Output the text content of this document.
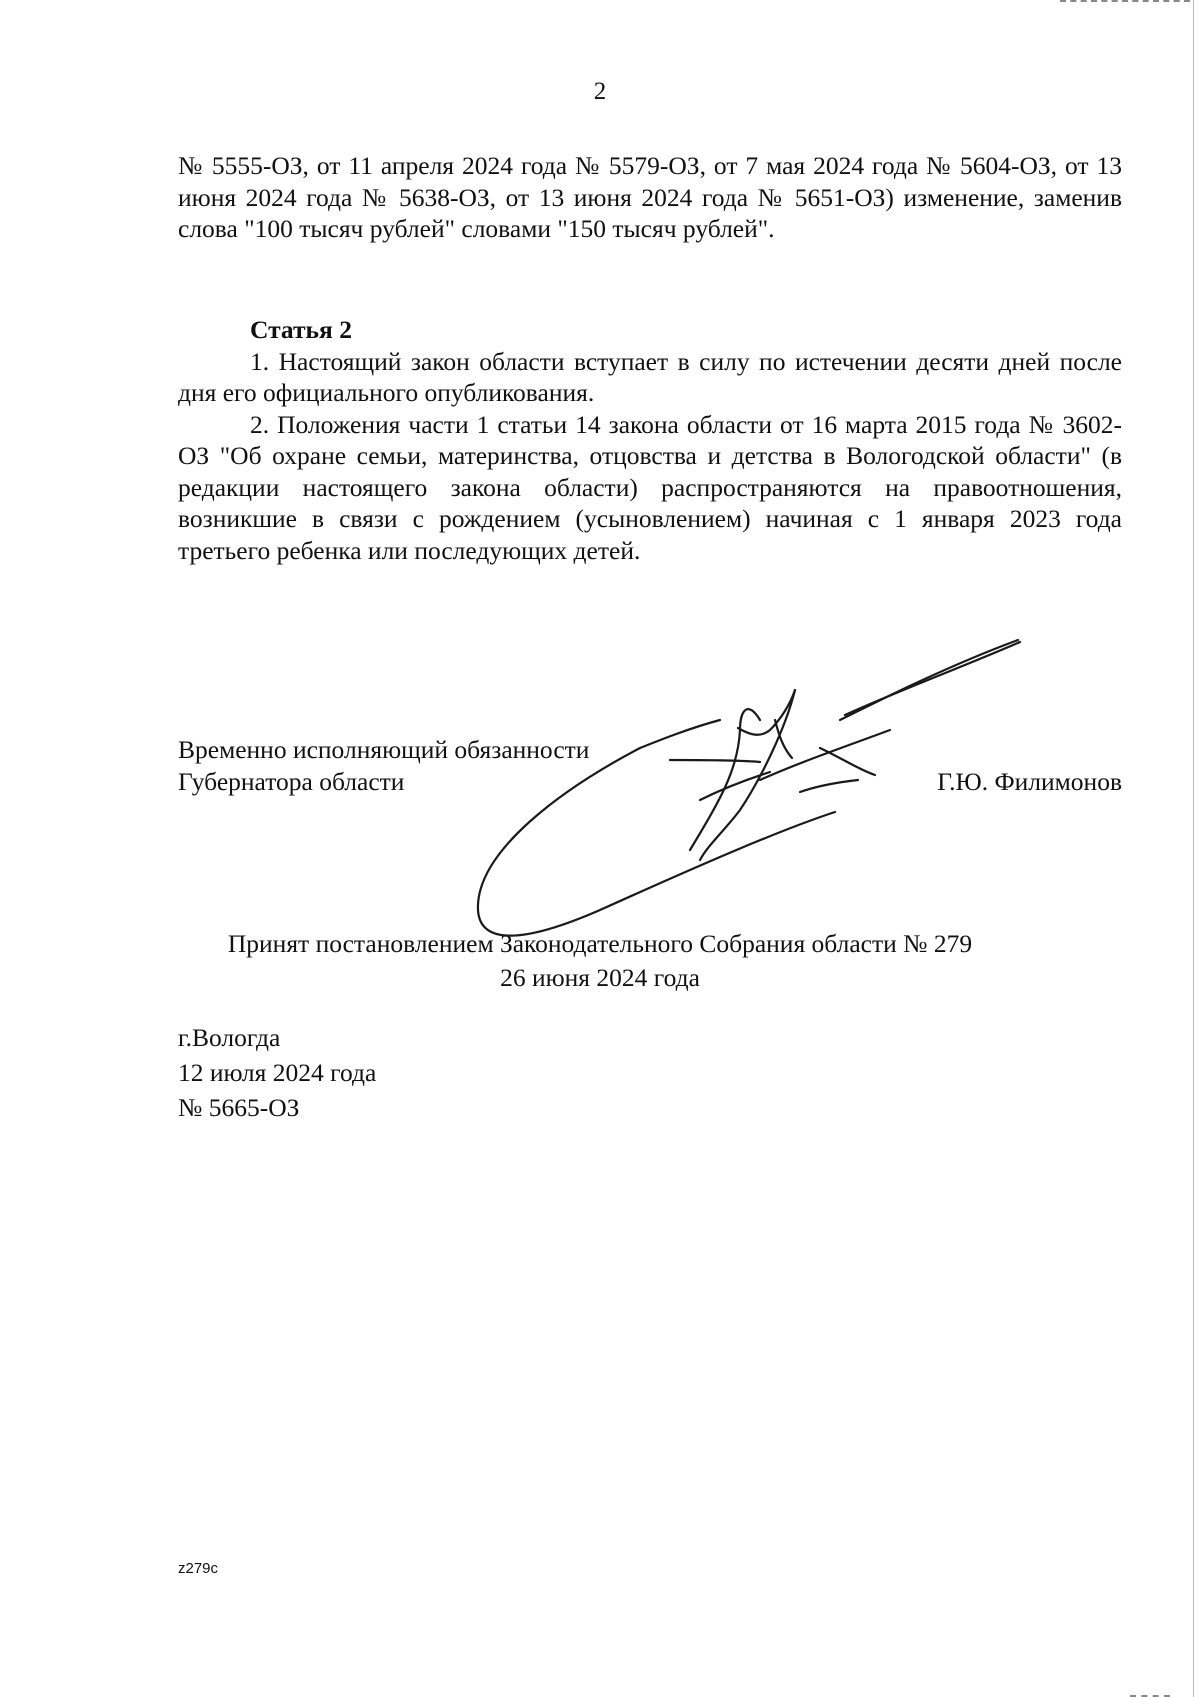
2

№ 5555-ОЗ, от 11 апреля 2024 года № 5579-ОЗ, от 7 мая 2024 года № 5604-ОЗ, от 13 июня 2024 года № 5638-ОЗ, от 13 июня 2024 года № 5651-ОЗ) изменение, заменив слова "100 тысяч рублей" словами "150 тысяч рублей".

Статья 2

1. Настоящий закон области вступает в силу по истечении десяти дней после дня его официального опубликования.

2. Положения части 1 статьи 14 закона области от 16 марта 2015 года № 3602-ОЗ "Об охране семьи, материнства, отцовства и детства в Вологодской области" (в редакции настоящего закона области) распространяются на правоотношения, возникшие в связи с рождением (усыновлением) начиная с 1 января 2023 года третьего ребенка или последующих детей.

Временно исполняющий обязанности
Губернатора области	Г.Ю. Филимонов
Принят постановлением Законодательного Собрания области № 279
26 июня 2024 года
г.Вологда
12 июля 2024 года
№ 5665-ОЗ
z279с
